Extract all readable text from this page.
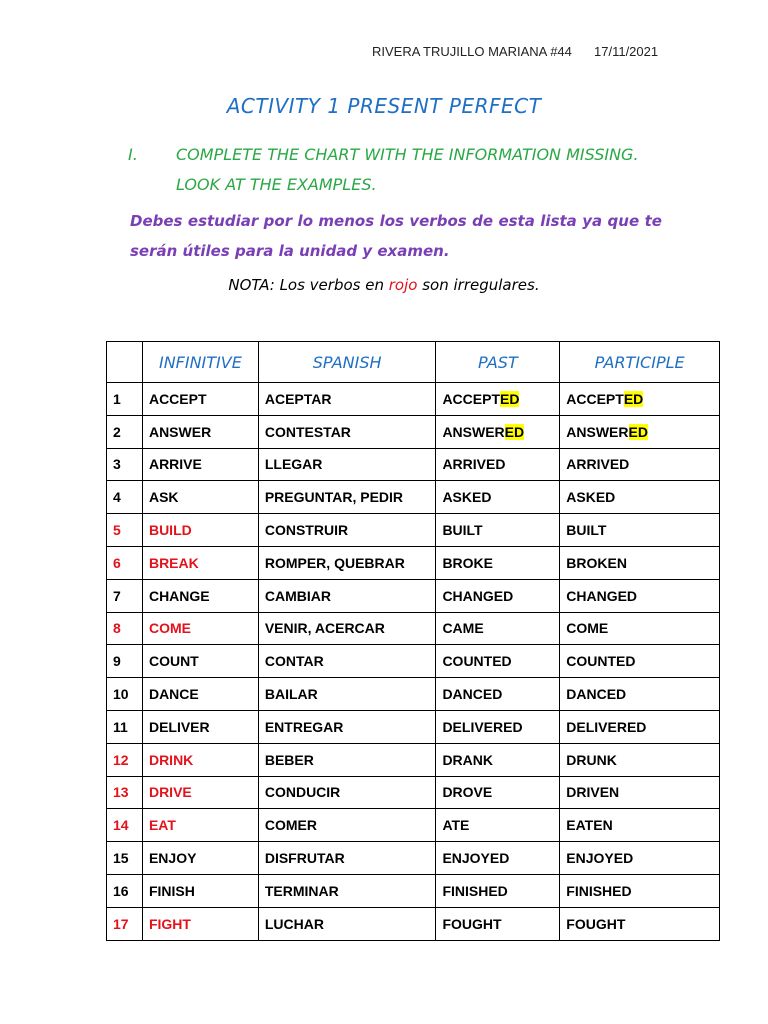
RIVERA TRUJILLO MARIANA #44 17/11/2021
ACTIVITY 1 PRESENT PERFECT
I. COMPLETE THE CHART WITH THE INFORMATION MISSING.
LOOK AT THE EXAMPLES.
Debes estudiar por lo menos los verbos de esta lista ya que te
serán útiles para la unidad y examen.
NOTA: Los verbos en rojo son irregulares.
	INFINITIVE	SPANISH	PAST	PARTICIPLE
1	ACCEPT	ACEPTAR	ACCEPTED	ACCEPTED
2	ANSWER	CONTESTAR	ANSWERED	ANSWERED
3	ARRIVE	LLEGAR	ARRIVED	ARRIVED
4	ASK	PREGUNTAR, PEDIR	ASKED	ASKED
5	BUILD	CONSTRUIR	BUILT	BUILT
6	BREAK	ROMPER, QUEBRAR	BROKE	BROKEN
7	CHANGE	CAMBIAR	CHANGED	CHANGED
8	COME	VENIR, ACERCAR	CAME	COME
9	COUNT	CONTAR	COUNTED	COUNTED
10	DANCE	BAILAR	DANCED	DANCED
11	DELIVER	ENTREGAR	DELIVERED	DELIVERED
12	DRINK	BEBER	DRANK	DRUNK
13	DRIVE	CONDUCIR	DROVE	DRIVEN
14	EAT	COMER	ATE	EATEN
15	ENJOY	DISFRUTAR	ENJOYED	ENJOYED
16	FINISH	TERMINAR	FINISHED	FINISHED
17	FIGHT	LUCHAR	FOUGHT	FOUGHT
